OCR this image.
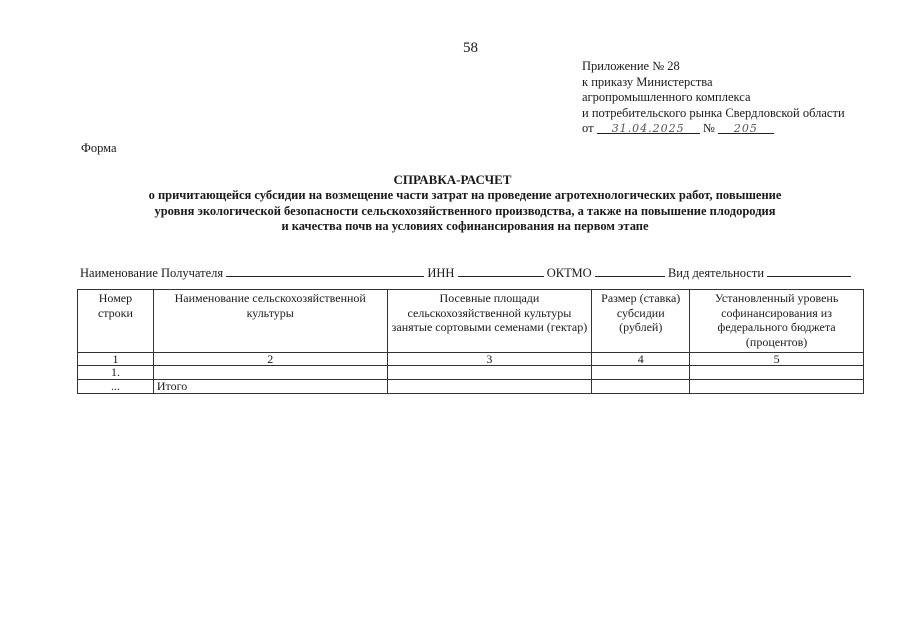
58
Приложение № 28
к приказу Министерства
агропромышленного комплекса
и потребительского рынка Свердловской области
от 31.04.2025 № 205
Форма
СПРАВКА-РАСЧЕТ
о причитающейся субсидии на возмещение части затрат на проведение агротехнологических работ, повышение
уровня экологической безопасности сельскохозяйственного производства, а также на повышение плодородия
и качества почв на условиях софинансирования на первом этапе
Наименование Получателя	ИНН	ОКТМО	Вид деятельности
Номер строки	Наименование сельскохозяйственной культуры	Посевные площади сельскохозяйственной культуры занятые сортовыми семенами (гектар)	Размер (ставка) субсидии (рублей)	Установленный уровень софинансирования из федерального бюджета (процентов)
1	2	3	4	5
1.				
...	Итого			
